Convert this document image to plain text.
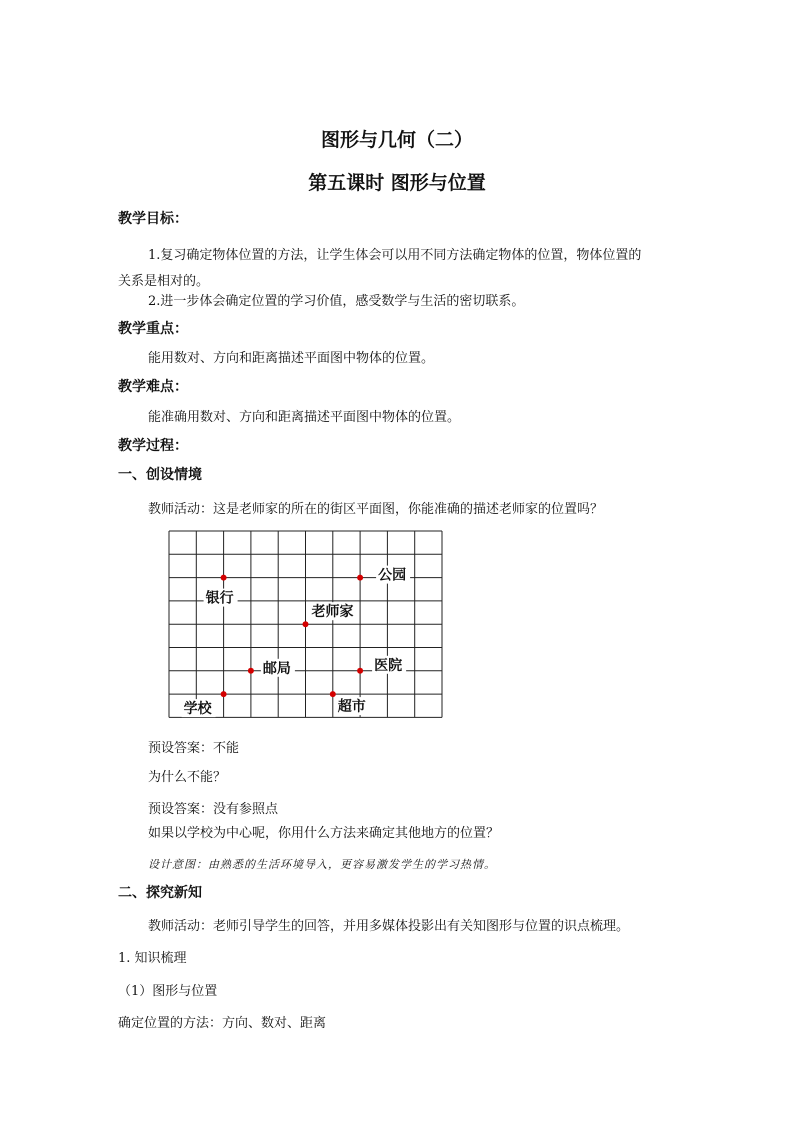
图形与几何（二）
第五课时 图形与位置
教学目标：
1.复习确定物体位置的方法，让学生体会可以用不同方法确定物体的位置，物体位置的
关系是相对的。
2.进一步体会确定位置的学习价值，感受数学与生活的密切联系。
教学重点：
能用数对、方向和距离描述平面图中物体的位置。
教学难点：
能准确用数对、方向和距离描述平面图中物体的位置。
教学过程：
一、创设情境
教师活动：这是老师家的所在的街区平面图，你能准确的描述老师家的位置吗？
公园
银行
老师家
邮局	医院
学校	超市
预设答案：不能
为什么不能？
预设答案：没有参照点
如果以学校为中心呢，你用什么方法来确定其他地方的位置？
设计意图：由熟悉的生活环境导入，更容易激发学生的学习热情。
二、探究新知
教师活动：老师引导学生的回答，并用多媒体投影出有关知图形与位置的识点梳理。
1. 知识梳理
（1）图形与位置
确定位置的方法：方向、数对、距离
